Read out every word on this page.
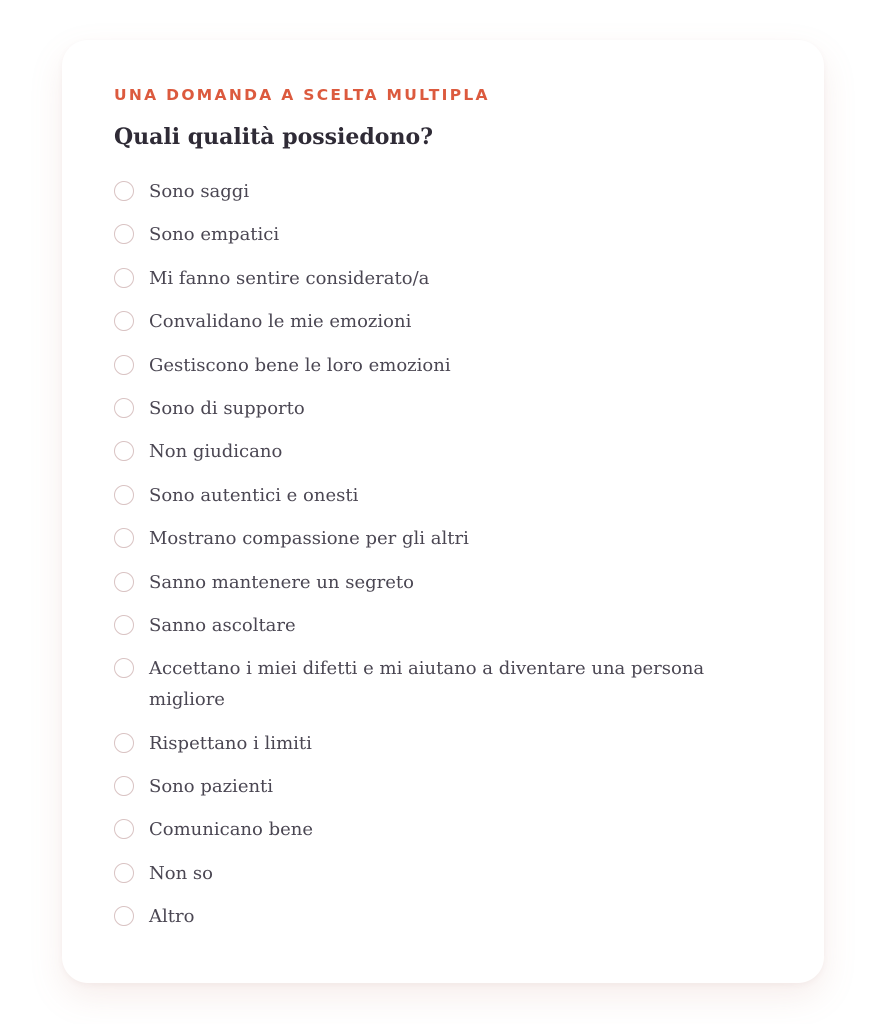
UNA DOMANDA A SCELTA MULTIPLA

Quali qualità possiedono?
Sono saggi
Sono empatici
Mi fanno sentire considerato/a
Convalidano le mie emozioni
Gestiscono bene le loro emozioni
Sono di supporto
Non giudicano
Sono autentici e onesti
Mostrano compassione per gli altri
Sanno mantenere un segreto
Sanno ascoltare
Accettano i miei difetti e mi aiutano a diventare una persona migliore
Rispettano i limiti
Sono pazienti
Comunicano bene
Non so
Altro
